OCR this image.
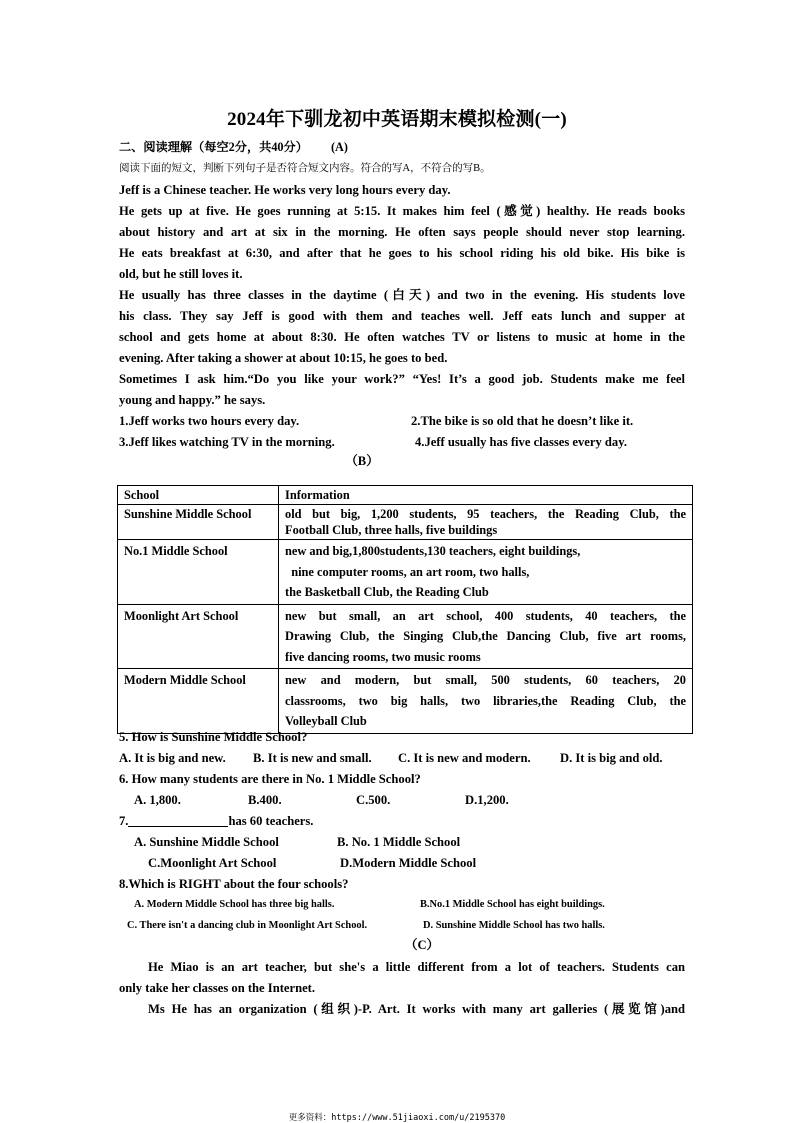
2024年下驯龙初中英语期末模拟检测(一)
二、阅读理解（每空2分，共40分） (A)
阅读下面的短文，判断下列句子是否符合短文内容。符合的写A，不符合的写B。
Jeff is a Chinese teacher. He works very long hours every day.
He gets up at five. He goes running at 5:15. It makes him feel (感觉) healthy. He reads books
about history and art at six in the morning. He often says people should never stop learning.
He eats breakfast at 6:30, and after that he goes to his school riding his old bike. His bike is
old, but he still loves it.
He usually has three classes in the daytime (白天) and two in the evening. His students love
his class. They say Jeff is good with them and teaches well. Jeff eats lunch and supper at
school and gets home at about 8:30. He often watches TV or listens to music at home in the
evening. After taking a shower at about 10:15, he goes to bed.
Sometimes I ask him.“Do you like your work?” “Yes! It’s a good job. Students make me feel
young and happy.” he says.
1.Jeff works two hours every day.	2.The bike is so old that he doesn’t like it.
3.Jeff likes watching TV in the morning.	4.Jeff usually has five classes every day.
（B）
School	Information
Sunshine Middle School	old but big, 1,200 students, 95 teachers, the Reading Club, the
Football Club, three halls, five buildings

No.1 Middle School	new and big,1,800students,130 teachers, eight buildings,
nine computer rooms, an art room, two halls,
the Basketball Club, the Reading Club

Moonlight Art School	new but small, an art school, 400 students, 40 teachers, the
Drawing Club, the Singing Club,the Dancing Club, five art rooms,
five dancing rooms, two music rooms

Modern Middle School	new and modern, but small, 500 students, 60 teachers, 20
classrooms, two big halls, two libraries,the Reading Club, the
Volleyball Club
5. How is Sunshine Middle School?
A. It is big and new. B. It is new and small. C. It is new and modern. D. It is big and old.
6. How many students are there in No. 1 Middle School?
A. 1,800.	B.400.	C.500.	D.1,200.
7.	has 60 teachers.
A. Sunshine Middle School	B. No. 1 Middle School
C.Moonlight Art School	D.Modern Middle School
8.Which is RIGHT about the four schools?
A. Modern Middle School has three big halls.	B.No.1 Middle School has eight buildings.
C. There isn't a dancing club in Moonlight Art School.	D. Sunshine Middle School has two halls.
（C）
He Miao is an art teacher, but she's a little different from a lot of teachers. Students can
only take her classes on the Internet.
Ms He has an organization (组织)-P. Art. It works with many art galleries (展览馆)and
更多资料：https://www.51jiaoxi.com/u/2195370
